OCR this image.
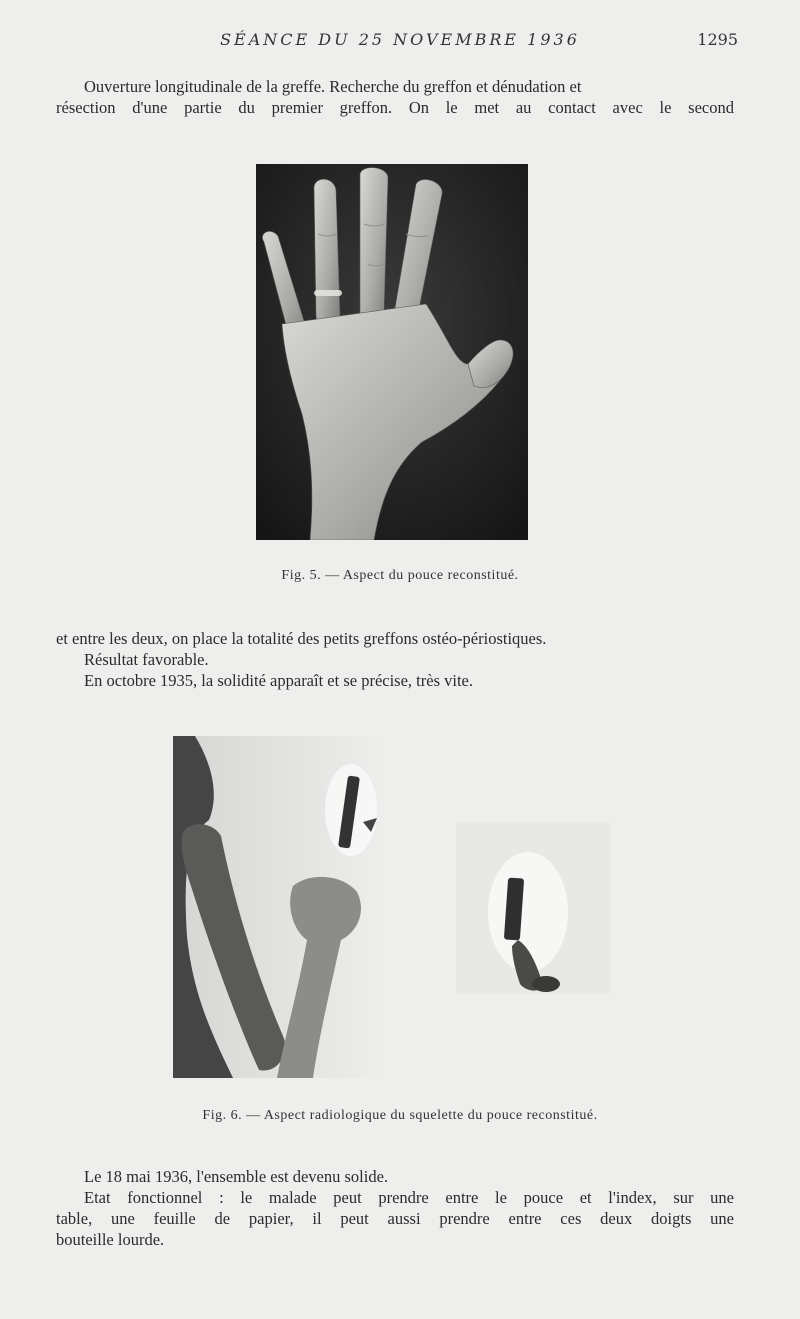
SÉANCE DU 25 NOVEMBRE 1936	1295
Ouverture longitudinale de la greffe. Recherche du greffon et dénudation et
résection d'une partie du premier greffon. On le met au contact avec le second
Fig. 5. — Aspect du pouce reconstitué.
et entre les deux, on place la totalité des petits greffons ostéo-périostiques.
Résultat favorable.
En octobre 1935, la solidité apparaît et se précise, très vite.
Fig. 6. — Aspect radiologique du squelette du pouce reconstitué.
Le 18 mai 1936, l'ensemble est devenu solide.
Etat fonctionnel : le malade peut prendre entre le pouce et l'index, sur une
table, une feuille de papier, il peut aussi prendre entre ces deux doigts une
bouteille lourde.
